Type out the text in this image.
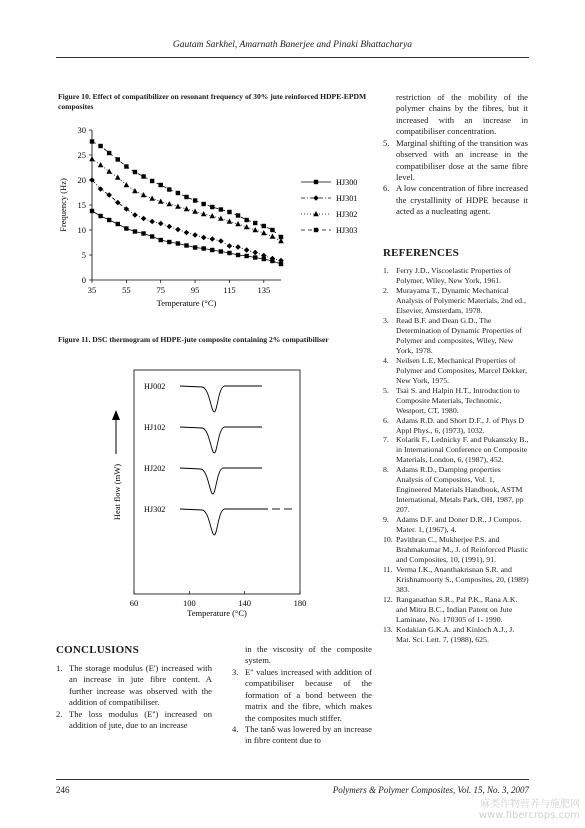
Gautam Sarkhel, Amarnath Banerjee and Pinaki Bhattacharya
Figure 10. Effect of compatibilizer on resonant frequency of 30% jute reinforced HDPE-EPDM composites
0
5
10
15
20
25
30
35	55	75	95	115	135
Temperature (°C)
Frequency (Hz)	HJ300
HJ301
HJ302
HJ303
Figure 11. DSC thermogram of HDPE-jute composite containing 2% compatibiliser
60	100	140	180
Temperature (°C)
Heat flow (mW)
HJ002
HJ102
HJ202
HJ302
CONCLUSIONS
1. The storage modulus (E') increased with an increase in jute fibre content. A further increase was observed with the addition of compatibiliser.
2. The loss modulus (E'') increased on addition of jute, due to an increase
in the viscosity of the composite system.
3. E'' values increased with addition of compatibiliser because of the formation of a bond between the matrix and the fibre, which makes the composites much stiffer.
4. The tanδ was lowered by an increase in fibre content due to
restriction of the mobility of the polymer chains by the fibres, but it increased with an increase in compatibiliser concentration.
5. Marginal shifting of the transition was observed with an increase in the compatibiliser dose at the same fibre level.
6. A low concentration of fibre increased the crystallinity of HDPE because it acted as a nucleating agent.
REFERENCES
1. Ferry J.D., Viscoelastic Properties of Polymer, Wiley, New York, 1961.
2. Murayama T., Dynamic Mechanical Analysis of Polymeric Materials, 2nd ed., Elsevier, Amsterdam, 1978.
3. Read B.F. and Dean G.D., The Determination of Dynamic Properties of Polymer and composites, Wiley, New York, 1978.
4. Neilsen L.E, Mechanical Properties of Polymer and Composites, Marcel Dekker, New York, 1975.
5. Tsai S. and Halpin H.T., Introduction to Composite Materials, Technomic, Westport, CT, 1980.
6. Adams R.D. and Short D.F., J. of Phys D Appl Phys., 6, (1973), 1032.
7. Kolarik F., Lednicky F. and Pukanszky B., in International Conference on Composite Materials, London, 6, (1987), 452.
8. Adams R.D., Damping properties Analysis of Composites, Vol. 1, Engineered Materials Handbook, ASTM International, Metals Park, OH, 1987, pp 207.
9. Adams D.F. and Doner D.R., J Compos. Mater. 1, (1967), 4.
10. Pavithran C., Mukherjee P.S. and Brahmakumar M., J. of Reinforced Plastic and Composites, 10, (1991), 91.
11. Verma I.K., Ananthakrisnan S.R. and Krishnamoorty S., Composites, 20, (1989) 383.
12. Ranganathan S.R., Pal P.K., Rana A.K. and Mitra B.C., Indian Patent on Jute Laminate, No. 170305 of 1- 1990.
13. Kodakian G.K.A. and Kinloch A.J., J. Mat. Sci. Lett. 7, (1988), 625.
246	Polymers & Polymer Composites, Vol. 15, No. 3, 2007
麻类作物营养与施肥网
www.fibercrops.com
